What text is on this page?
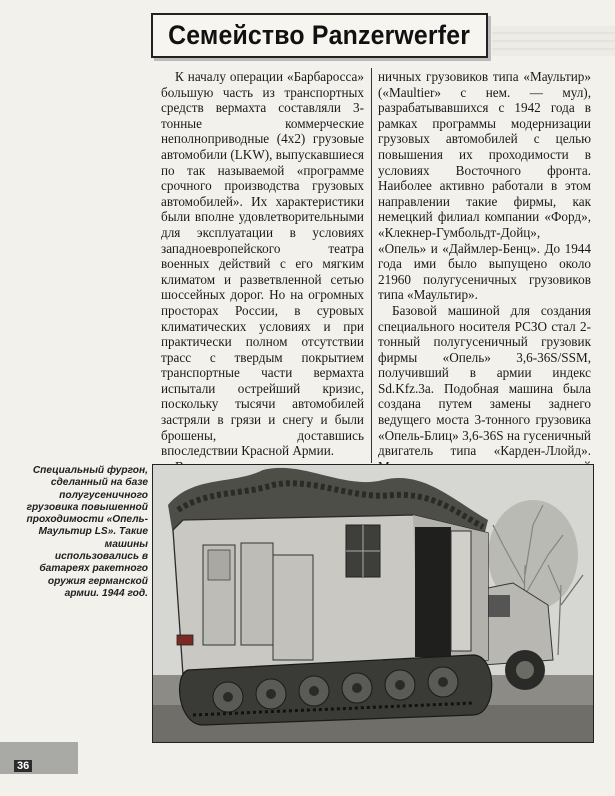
Семейство Panzerwerfer

К началу операции «Барбаросса» большую часть из транспортных средств вермахта составляли 3-тонные коммерческие неполноприводные (4х2) грузовые автомобили (LKW), выпускавшиеся по так называемой «программе срочного производства грузовых автомобилей». Их характеристики были вполне удовлетворительными для эксплуатации в условиях западноевропейского театра военных действий с его мягким климатом и разветвленной сетью шоссейных дорог. Но на огромных просторах России, в суровых климатических условиях и при практически полном отсутствии трасс с твердым покрытием транспортные части вермахта испытали острейший кризис, поскольку тысячи автомобилей застряли в грязи и снегу и были брошены, доставшись впоследствии Красной Армии.

ничных грузовиков типа «Маультир» («Maultier» с нем. — мул), разрабатывавшихся с 1942 года в рамках программы модернизации грузовых автомобилей с целью повышения их проходимости в условиях Восточного фронта. Наиболее активно работали в этом направлении такие фирмы, как немецкий филиал компании «Форд», «Клекнер-Гумбольдт-Дойц», «Опель» и «Даймлер-Бенц». До 1944 года ими было выпущено около 21960 полугусеничных грузовиков типа «Маультир».

Базовой машиной для создания специального носителя РСЗО стал 2-тонный полугусеничный грузовик фирмы «Опель» 3,6-36S/SSM, получивший в армии индекс Sd.Kfz.3a. Подобная машина была создана путем замены заднего ведущего моста 3-тонного грузовика «Опель-Блиц» 3,6-36S на гусеничный двигатель типа «Карден-Ллойд».

Специальный фургон, сделанный на базе полугусеничного грузовика повышенной проходимости «Опель-Маультир LS». Такие машины использовались в батареях ракетного оружия германской армии. 1944 год.
36
